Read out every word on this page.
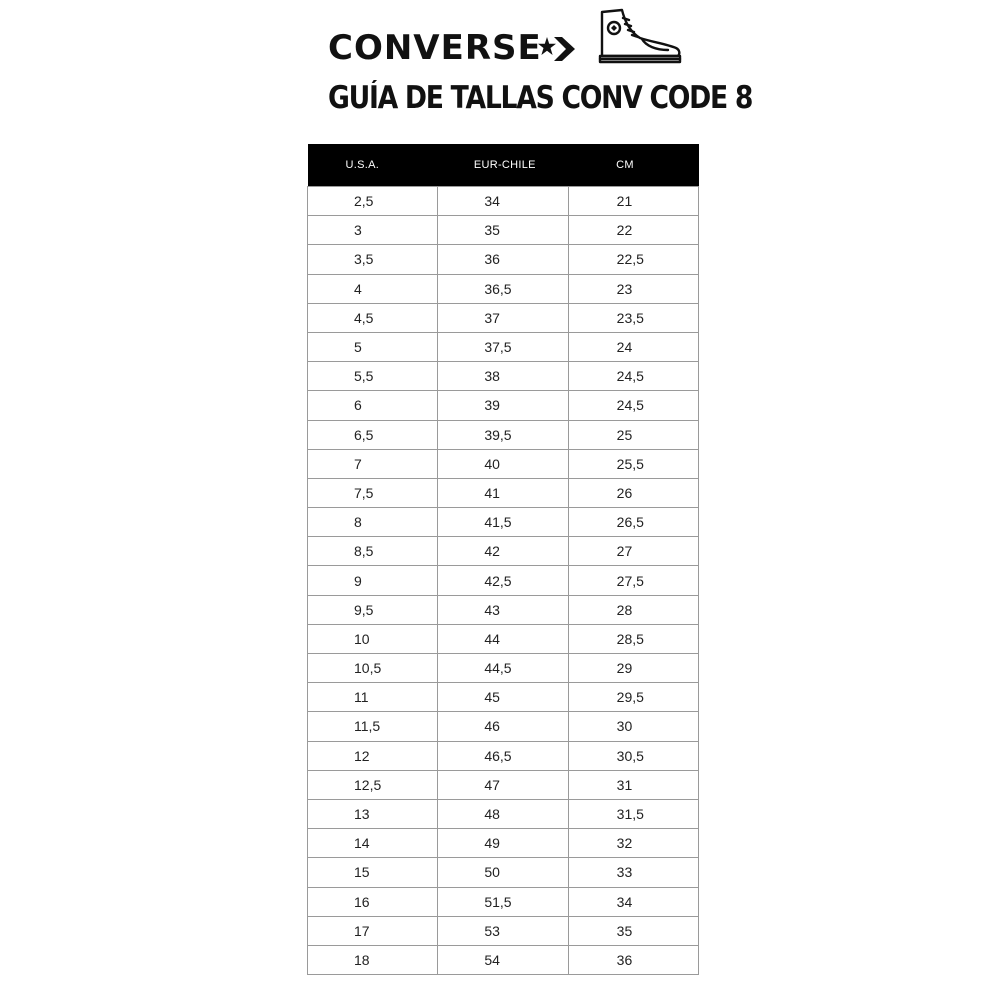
CONVERSE
GUÍA DE TALLAS CONV CODE 8
U.S.A.	EUR-CHILE	CM
2,5	34	21
3	35	22
3,5	36	22,5
4	36,5	23
4,5	37	23,5
5	37,5	24
5,5	38	24,5
6	39	24,5
6,5	39,5	25
7	40	25,5
7,5	41	26
8	41,5	26,5
8,5	42	27
9	42,5	27,5
9,5	43	28
10	44	28,5
10,5	44,5	29
11	45	29,5
11,5	46	30
12	46,5	30,5
12,5	47	31
13	48	31,5
14	49	32
15	50	33
16	51,5	34
17	53	35
18	54	36
